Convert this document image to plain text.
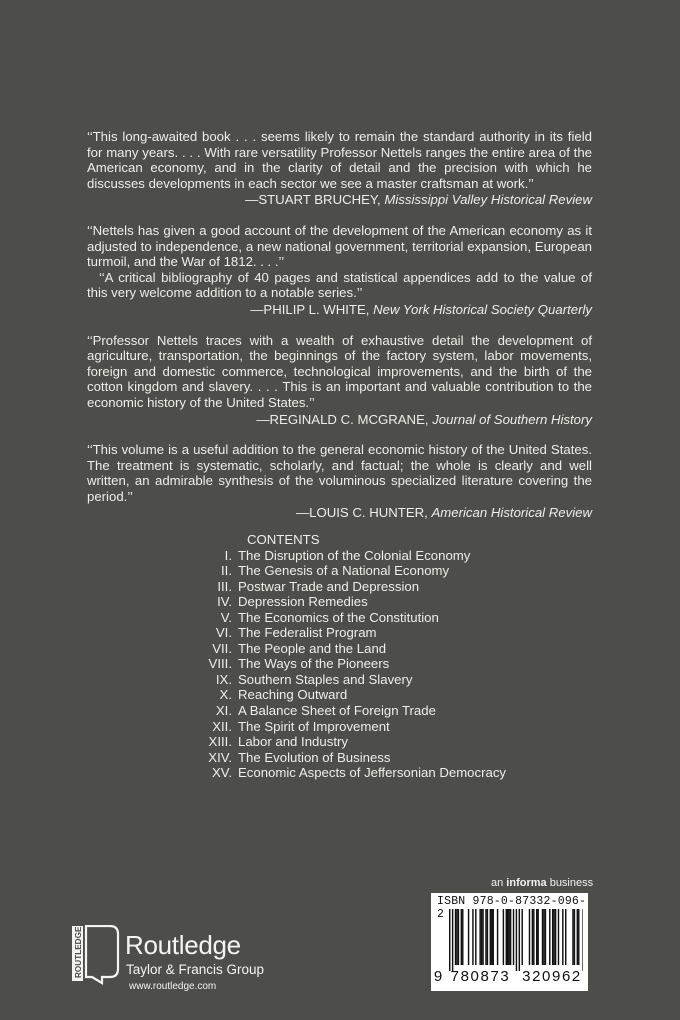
‘‘This long-awaited book . . . seems likely to remain the standard authority in its field for many years. . . . With rare versatility Professor Nettels ranges the entire area of the American economy, and in the clarity of detail and the precision with which he discusses developments in each sector we see a master craftsman at work.’’

—STUART BRUCHEY, Mississippi Valley Historical Review

‘‘Nettels has given a good account of the development of the American economy as it adjusted to independence, a new national government, territorial expansion, European turmoil, and the War of 1812. . . .’’

‘‘A critical bibliography of 40 pages and statistical appendices add to the value of this very welcome addition to a notable series.’’

—PHILIP L. WHITE, New York Historical Society Quarterly

‘‘Professor Nettels traces with a wealth of exhaustive detail the development of agriculture, transportation, the beginnings of the factory system, labor movements, foreign and domestic commerce, technological improvements, and the birth of the cotton kingdom and slavery. . . . This is an important and valuable contribution to the economic history of the United States.’’

—REGINALD C. MCGRANE, Journal of Southern History

‘‘This volume is a useful addition to the general economic history of the United States. The treatment is systematic, scholarly, and factual; the whole is clearly and well written, an admirable synthesis of the voluminous specialized literature covering the period.’’

—LOUIS C. HUNTER, American Historical Review
CONTENTS
I. The Disruption of the Colonial Economy
II. The Genesis of a National Economy
III. Postwar Trade and Depression
IV. Depression Remedies
V. The Economics of the Constitution
VI. The Federalist Program
VII. The People and the Land
VIII. The Ways of the Pioneers
IX. Southern Staples and Slavery
X. Reaching Outward
XI. A Balance Sheet of Foreign Trade
XII. The Spirit of Improvement
XIII. Labor and Industry
XIV. The Evolution of Business
XV. Economic Aspects of Jeffersonian Democracy
an informa business
ISBN 978-0-87332-096-2
9 780873 320962
ROUTLEDGE Routledge
Taylor & Francis Group
www.routledge.com
